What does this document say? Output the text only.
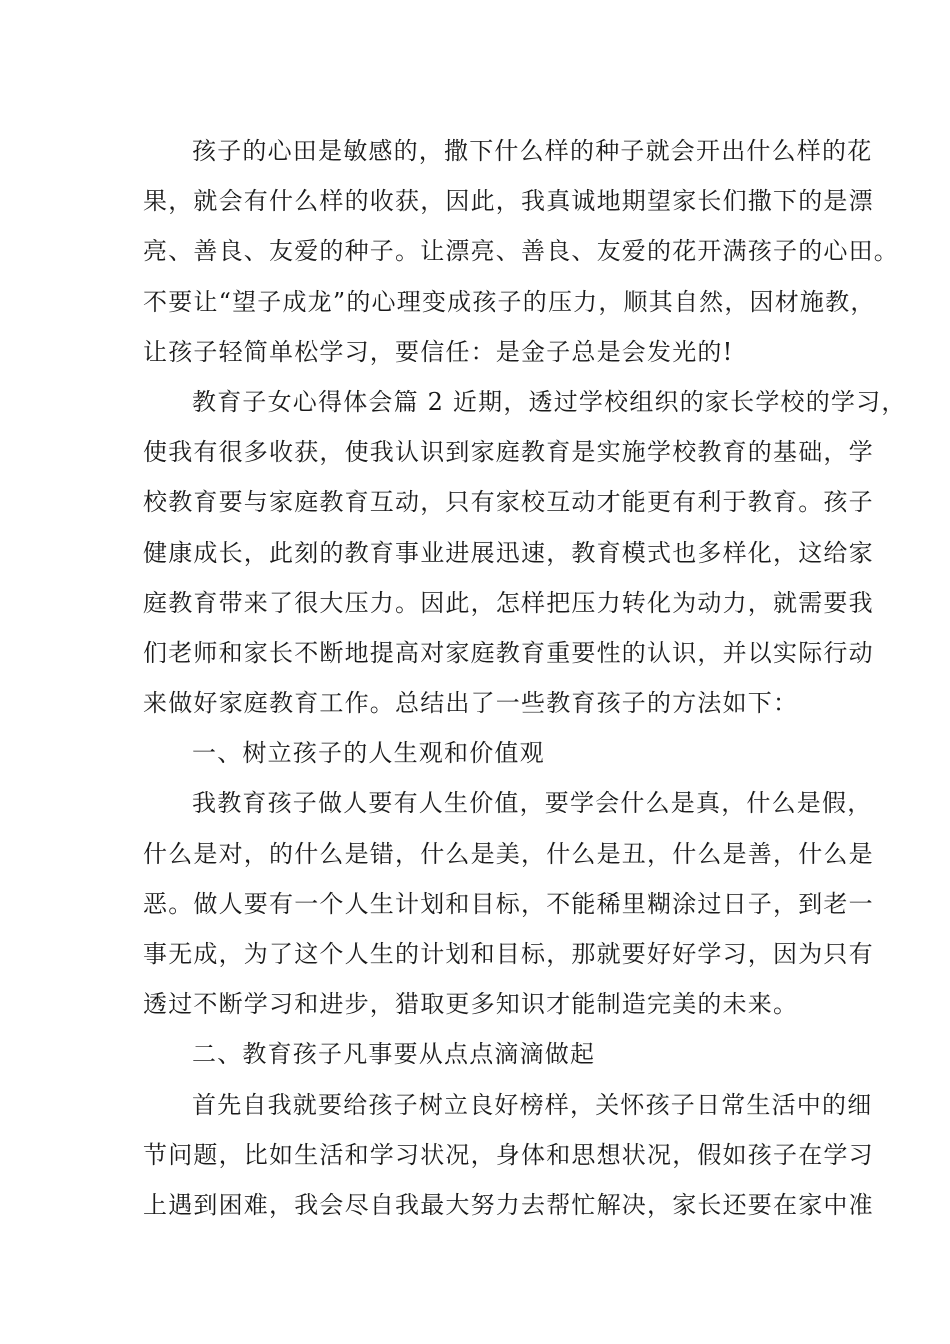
孩子的心田是敏感的，撒下什么样的种子就会开出什么样的花
果，就会有什么样的收获，因此，我真诚地期望家长们撒下的是漂
亮、善良、友爱的种子。让漂亮、善良、友爱的花开满孩子的心田。
不要让“望子成龙”的心理变成孩子的压力，顺其自然，因材施教，
让孩子轻简单松学习，要信任：是金子总是会发光的!
教育子女心得体会篇 2 近期，透过学校组织的家长学校的学习，
使我有很多收获，使我认识到家庭教育是实施学校教育的基础，学
校教育要与家庭教育互动，只有家校互动才能更有利于教育。孩子
健康成长，此刻的教育事业进展迅速，教育模式也多样化，这给家
庭教育带来了很大压力。因此，怎样把压力转化为动力，就需要我
们老师和家长不断地提高对家庭教育重要性的认识，并以实际行动
来做好家庭教育工作。总结出了一些教育孩子的方法如下：
一、树立孩子的人生观和价值观
我教育孩子做人要有人生价值，要学会什么是真，什么是假，
什么是对，的什么是错，什么是美，什么是丑，什么是善，什么是
恶。做人要有一个人生计划和目标，不能稀里糊涂过日子，到老一
事无成，为了这个人生的计划和目标，那就要好好学习，因为只有
透过不断学习和进步，猎取更多知识才能制造完美的未来。
二、教育孩子凡事要从点点滴滴做起
首先自我就要给孩子树立良好榜样，关怀孩子日常生活中的细
节问题，比如生活和学习状况，身体和思想状况，假如孩子在学习
上遇到困难，我会尽自我最大努力去帮忙解决，家长还要在家中准
